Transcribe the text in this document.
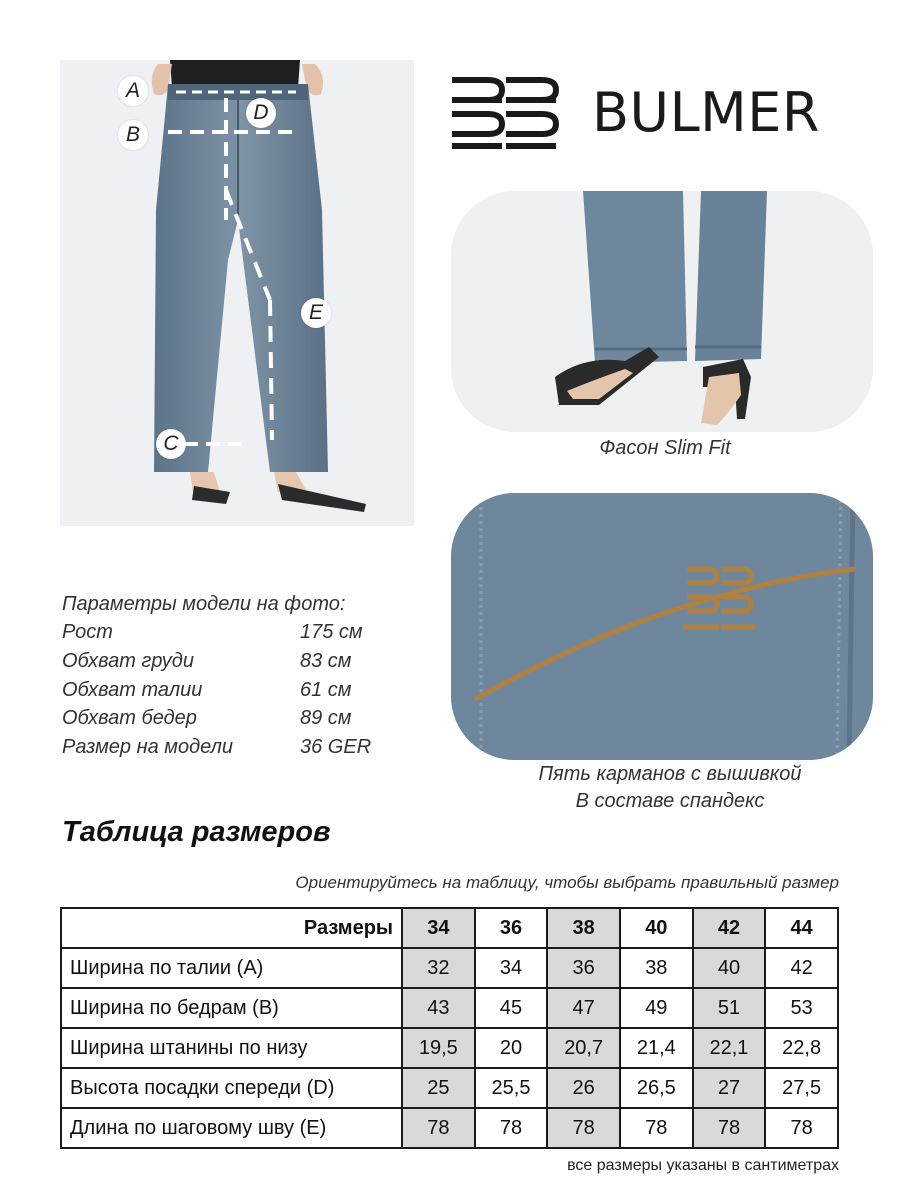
A
B
C
D
E
BULMER
Фасон Slim Fit
Пять карманов с вышивкой
В составе спандекс
Параметры модели на фото:
Рост	175 см
Обхват груди	83 см
Обхват талии	61 см
Обхват бедер	89 см
Размер на модели	36 GER
Таблица размеров
Ориентируйтесь на таблицу, чтобы выбрать правильный размер
Размеры	34	36	38	40	42	44
Ширина по талии (A)	32	34	36	38	40	42
Ширина по бедрам (B)	43	45	47	49	51	53
Ширина штанины по низу	19,5	20	20,7	21,4	22,1	22,8
Высота посадки спереди (D)	25	25,5	26	26,5	27	27,5
Длина по шаговому шву (E)	78	78	78	78	78	78
все размеры указаны в сантиметрах
